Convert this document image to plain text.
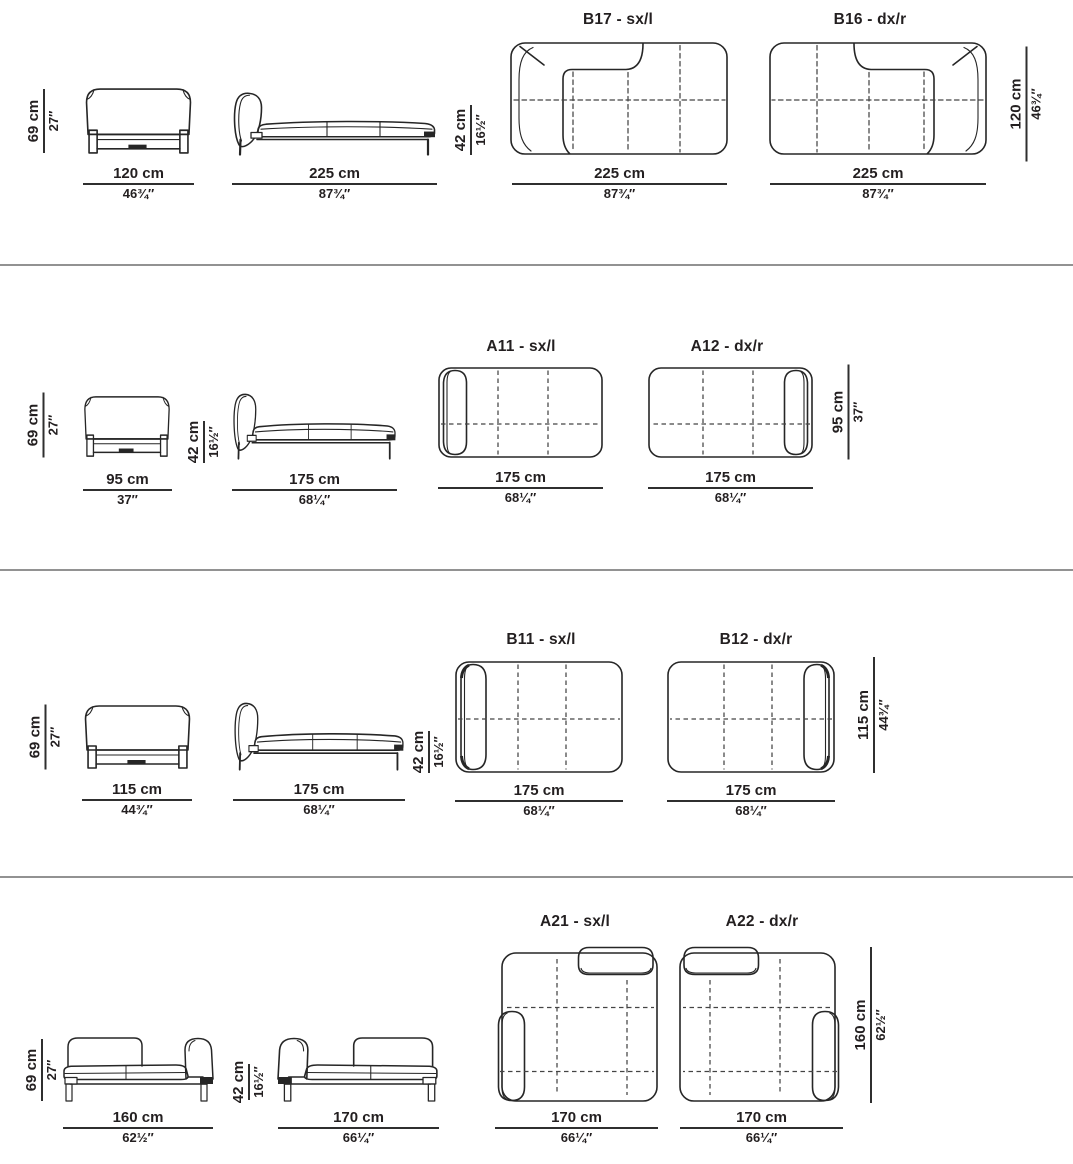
B17 - sx/l	B16 - dx/r
69 cm 27″	42 cm 16½″
120 cm 46¾″
120 cm
46¾″
225 cm
87¾″
225 cm
87¾″
225 cm
87¾″
A11 - sx/l	A12 - dx/r
69 cm 27″	42 cm 16½″
95 cm 37″
95 cm
37″
175 cm
68¼″
175 cm
68¼″
175 cm
68¼″
B11 - sx/l	B12 - dx/r
69 cm 27″	42 cm 16½″
115 cm 44¾″
115 cm
44¾″
175 cm
68¼″
175 cm
68¼″
175 cm
68¼″
A21 - sx/l	A22 - dx/r
69 cm 27″	42 cm 16½″
160 cm 62½″
160 cm
62½″
170 cm
66¼″
170 cm
66¼″
170 cm
66¼″
